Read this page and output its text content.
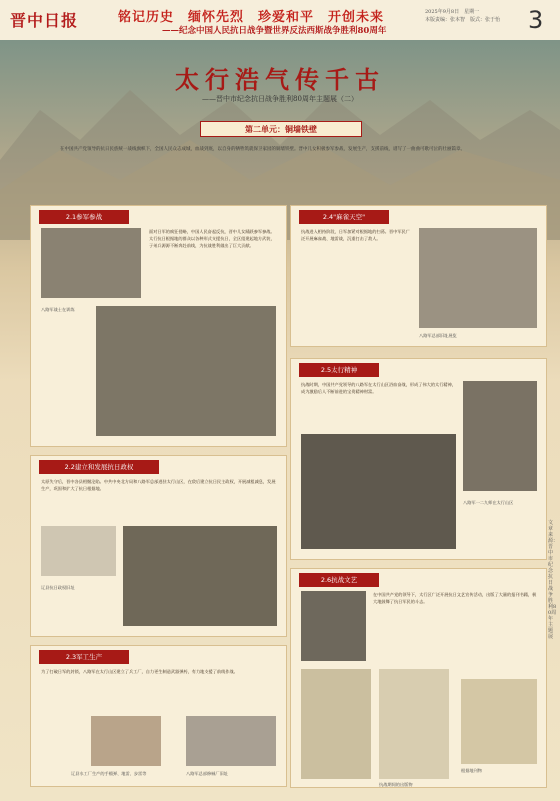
晋中日报	铭记历史　缅怀先烈　珍爱和平　开创未来
——纪念中国人民抗日战争暨世界反法西斯战争胜利80周年
2025年9月8日　星期一
本版责编：张本智　版式：张于怡 3
太行浩气传千古
——晋中市纪念抗日战争胜利80周年主题展（二）
第二单元：铜墙铁壁
在中国共产党领导的抗日民族统一战线旗帜下，全国人民众志成城，血战到底，以自身的牺牲筑就保卫家园的铜墙铁壁。晋中儿女积极参军参战，发展生产，支援前线，谱写了一曲曲可歌可泣的壮丽篇章。
2.1参军参战
面对日军的疯狂侵略，中国人民奋起反抗，晋中儿女踊跃参军参战。太行抗日根据地的群众以各种形式支援抗日，全区组建起地方武装，子弟兵源源不断奔赴前线，为抗战胜利做出了巨大贡献。
八路军战士在训练
2.2建立和发展抗日政权
太原失守后，晋中各县相继沦陷。中共中央北方局和八路军总部进驻太行山区，在敌后建立抗日民主政权，开展减租减息，发展生产，巩固和扩大了抗日根据地。
辽县抗日政权旧址
2.3军工生产
为了打破日军的封锁，八路军在太行山区建立了兵工厂，自力更生制造武器弹药，有力地支援了前线作战。
辽县水工厂生产的手榴弹、地雷、步雷等	八路军总部修械厂旧址
2.4"麻雀天空"
抗战进入相持阶段，日军加紧对根据地的扫荡。晋中军民广泛开展麻雀战、地雷战，沉重打击了敌人。
八路军总部旧址展览
2.5太行精神
抗战时期，中国共产党领导的八路军在太行山区浴血奋战，形成了伟大的太行精神，成为激励后人不断前进的宝贵精神财富。
八路军一二九师在太行山区
2.6抗战文艺
在中国共产党的领导下，太行区广泛开展抗日文艺宣传活动，出版了大量的报刊书籍，极大地鼓舞了抗日军民的斗志。
抗战期间的出版物
根据地刊物
文章来源：晋中市纪念抗日战争胜利80周年主题展
